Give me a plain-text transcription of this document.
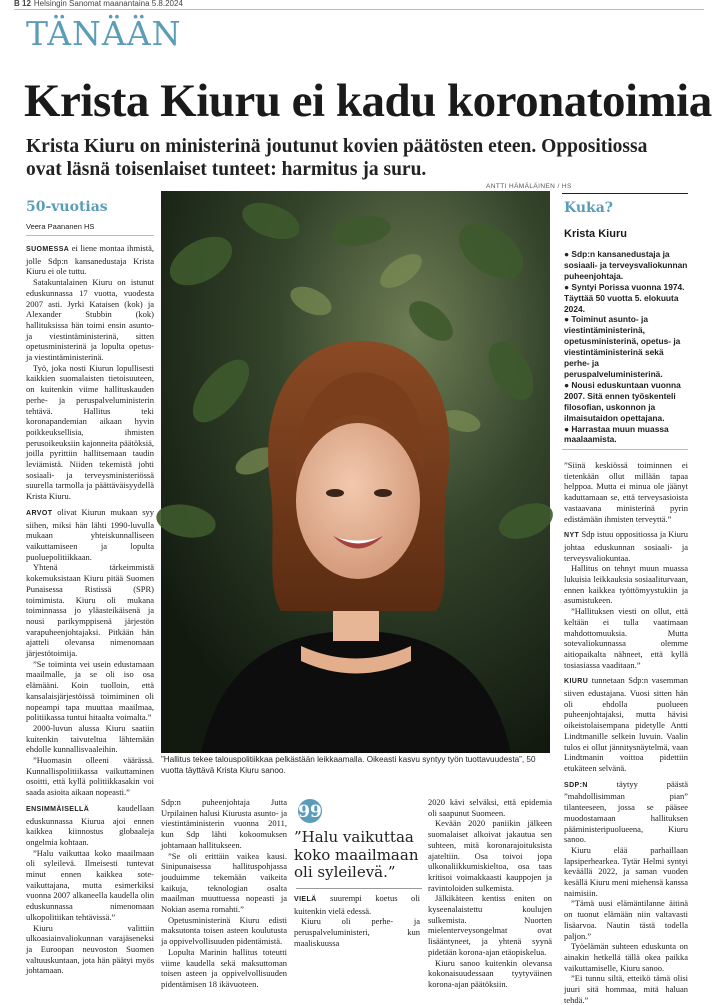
B 12 Helsingin Sanomat maanantaina 5.8.2024
TÄNÄÄN
Krista Kiuru ei kadu koronatoimia
Krista Kiuru on ministerinä joutunut kovien päätösten eteen. Oppositiossa ovat läsnä toisenlaiset tunteet: harmitus ja suru.
ANTTI HÄMÄLÄINEN / HS
”Hallitus tekee talouspolitiikkaa pelkästään leikkaamalla. Oikeasti kasvu syntyy työn tuottavuudesta”, 50 vuotta täyttävä Krista Kiuru sanoo.
50-vuotias
Veera Paananen HS

SUOMESSA ei liene montaa ihmistä, jolle Sdp:n kansanedustaja Krista Kiuru ei ole tuttu.

Satakuntalainen Kiuru on istunut eduskunnassa 17 vuotta, vuodesta 2007 asti. Jyrki Kataisen (kok) ja Alexander Stubbin (kok) hallituksissa hän toimi ensin asunto- ja viestintäministerinä, sitten opetusministerinä ja lopulta opetus- ja viestintäministerinä.

Työ, joka nosti Kiurun lopullisesti kaikkien suomalaisten tietoisuuteen, on kuitenkin viime hallituskauden perhe- ja peruspalveluministerin tehtävä. Hallitus teki koronapandemian aikaan hyvin poikkeuksellisia, ihmisten perusoikeuksiin kajonneita päätöksiä, joilla pyrittiin hallitsemaan taudin leviämistä. Niiden tekemistä johti sosiaali- ja terveysministeriössä suurella tarmolla ja päättäväisyydellä Krista Kiuru.

ARVOT olivat Kiurun mukaan syy siihen, miksi hän lähti 1990-luvulla mukaan yhteiskunnalliseen vaikuttamiseen ja lopulta puoluepolitiikkaan.

Yhtenä tärkeimmistä kokemuksistaan Kiuru pitää Suomen Punaisessa Ristissä (SPR) toimimista. Kiuru oli mukana toiminnassa jo yläasteikäisenä ja nousi parikymppisenä järjestön varapuheenjohtajaksi. Pitkään hän ajatteli olevansa nimenomaan järjestötoimija.

”Se toiminta vei usein edustamaan maailmalle, ja se oli iso osa elämääni. Koin tuolloin, että kansalaisjärjestöissä toimiminen oli nopeampi tapa muuttaa maailmaa, politiikassa tuntui hitaalta voimalta.”

2000-luvun alussa Kiuru saatiin kuitenkin taivuteltua lähtemään ehdolle kunnallisvaaleihin.

”Huomasin olleeni väärässä. Kunnallispolitiikassa vaikuttaminen osoitti, että kyllä politiikkasakin voi saada asioita aikaan nopeasti.”

ENSIMMÄISELLÄ	kaudellaan eduskunnassa Kiurua ajoi ennen kaikkea kiinnostus globaaleja ongelmia kohtaan.

”Halu vaikuttaa koko maailmaan oli syleilevä. Ilmeisesti tuntevat minut ennen kaikkea sote-vaikuttajana, mutta esimerkiksi vuonna 2007 alkaneella kaudella olin eduskunnassa nimenomaan ulkopolitiikan tehtävissä.”

Kiuru valittiin ulkoasiainvaliokunnan varajäseneksi ja Euroopan neuvoston Suomen valtuuskuntaan, jota hän päätyi myös johtamaan.

Sdp:n puheenjohtaja Jutta Urpilainen halusi Kiurusta asunto- ja viestintäministerin vuonna 2011, kun Sdp lähti kokoomuksen johtamaan hallitukseen.

”Se oli erittäin vaikea kausi. Sinipunaisessa hallituspohjassa jouduimme tekemään vaikeita kaikuja, teknologian osalta maailman muuttuessa nopeasti ja Nokian asema romahti.”

Opetusministerinä Kiuru edisti maksutonta toisen asteen koulutusta ja oppivelvollisuuden pidentämistä.

Lopulta Marinin hallitus toteutti viime kaudella sekä maksuttoman toisen asteen ja oppivelvollisuuden pidentämisen 18 ikävuoteen.

99
”Halu vaikuttaa koko maailmaan oli syleilevä.”

VIELÄ suurempi koetus oli kuitenkin vielä edessä.

Kiuru oli perhe- ja peruspalveluministeri, kun maaliskuussa

2020 kävi selväksi, että epidemia oli saapunut Suomeen.

Kevään 2020 paniikin jälkeen suomalaiset alkoivat jakautua sen suhteen, mitä koronarajoituksista ajateltiin. Osa toivoi jopa ulkonaliikkumiskieltoa, osa taas kritisoi voimakkaasti kauppojen ja ravintoloiden sulkemista.

Jälkikäteen kentiss eniten on kyseenalaistettu koulujen sulkemista. Nuorten mielenterveysongelmat ovat lisääntyneet, ja yhtenä syynä pidetään korona-ajan etäopiskelua.

Kiuru sanoo kuitenkin olevansa kokonaisuudessaan tyytyväinen korona-ajan päätöksiin.

Kuka?
Krista Kiuru
● Sdp:n kansanedustaja ja sosiaali- ja terveysvaliokunnan puheenjohtaja.
● Syntyi Porissa vuonna 1974. Täyttää 50 vuotta 5. elokuuta 2024.
● Toiminut asunto- ja viestintäministerinä, opetusministerinä, opetus- ja viestintäministerinä sekä perhe- ja peruspalveluministerinä.
● Nousi eduskuntaan vuonna 2007. Sitä ennen työskenteli filosofian, uskonnon ja ilmaisutaidon opettajana.
● Harrastaa muun muassa maalaamista.

”Siinä keskiössä toiminnen ei tietenkään ollut millään tapaa helppoa. Mutta ei minua ole jäänyt kaduttamaan se, että terveysasioista vastaavana ministerinä pyrin edistämään ihmisten terveyttä.”

NYT Sdp istuu oppositiossa ja Kiuru johtaa eduskunnan sosiaali- ja terveysvaliokuntaa.

Hallitus on tehnyt muun muassa lukuisia leikkauksia sosiaaliturvaan, ennen kaikkea työttömyystukiin ja asumistukeen.

”Hallituksen viesti on ollut, että keltään ei tulla vaatimaan mahdottomuuksia. Mutta sotevaliokunnassa olemme aitiopaikalta nähneet, että kyllä tosiasiassa vaaditaan.”

KIURU tunnetaan Sdp:n vasemman siiven edustajana. Vuosi sitten hän oli ehdolla puolueen puheenjohtajaksi, mutta hävisi oikeistolaisempana pidetylle Antti Lindtmanille selkein luvuin. Vaalin tulos ei ollut jännitysnäytelmä, vaan Lindtmanin voittoa pidettiin etukäteen selvänä.

SDP:N	täytyy päästä ”mahdollisimman pian” tilanteeseen, jossa se pääsee muodostamaan hallituksen pääministeripuolueena, Kiuru sanoo.

Kiuru elää parhaillaan lapsiperhearkea. Tytär Helmi syntyi keväällä 2022, ja saman vuoden kesällä Kiuru meni miehensä kanssa naimisiin.

”Tämä uusi elämäntilanne äitinä on tuonut elämään niin valtavasti lisäarvoa. Nautin tästä todella paljon.”

Työelämän suhteen eduskunta on ainakin hetkellä tällä okea paikka vaikuttamiselle, Kiuru sanoo.

”Ei tunnu siltä, etteikö tämä olisi juuri sitä hommaa, mitä haluan tehdä.”
